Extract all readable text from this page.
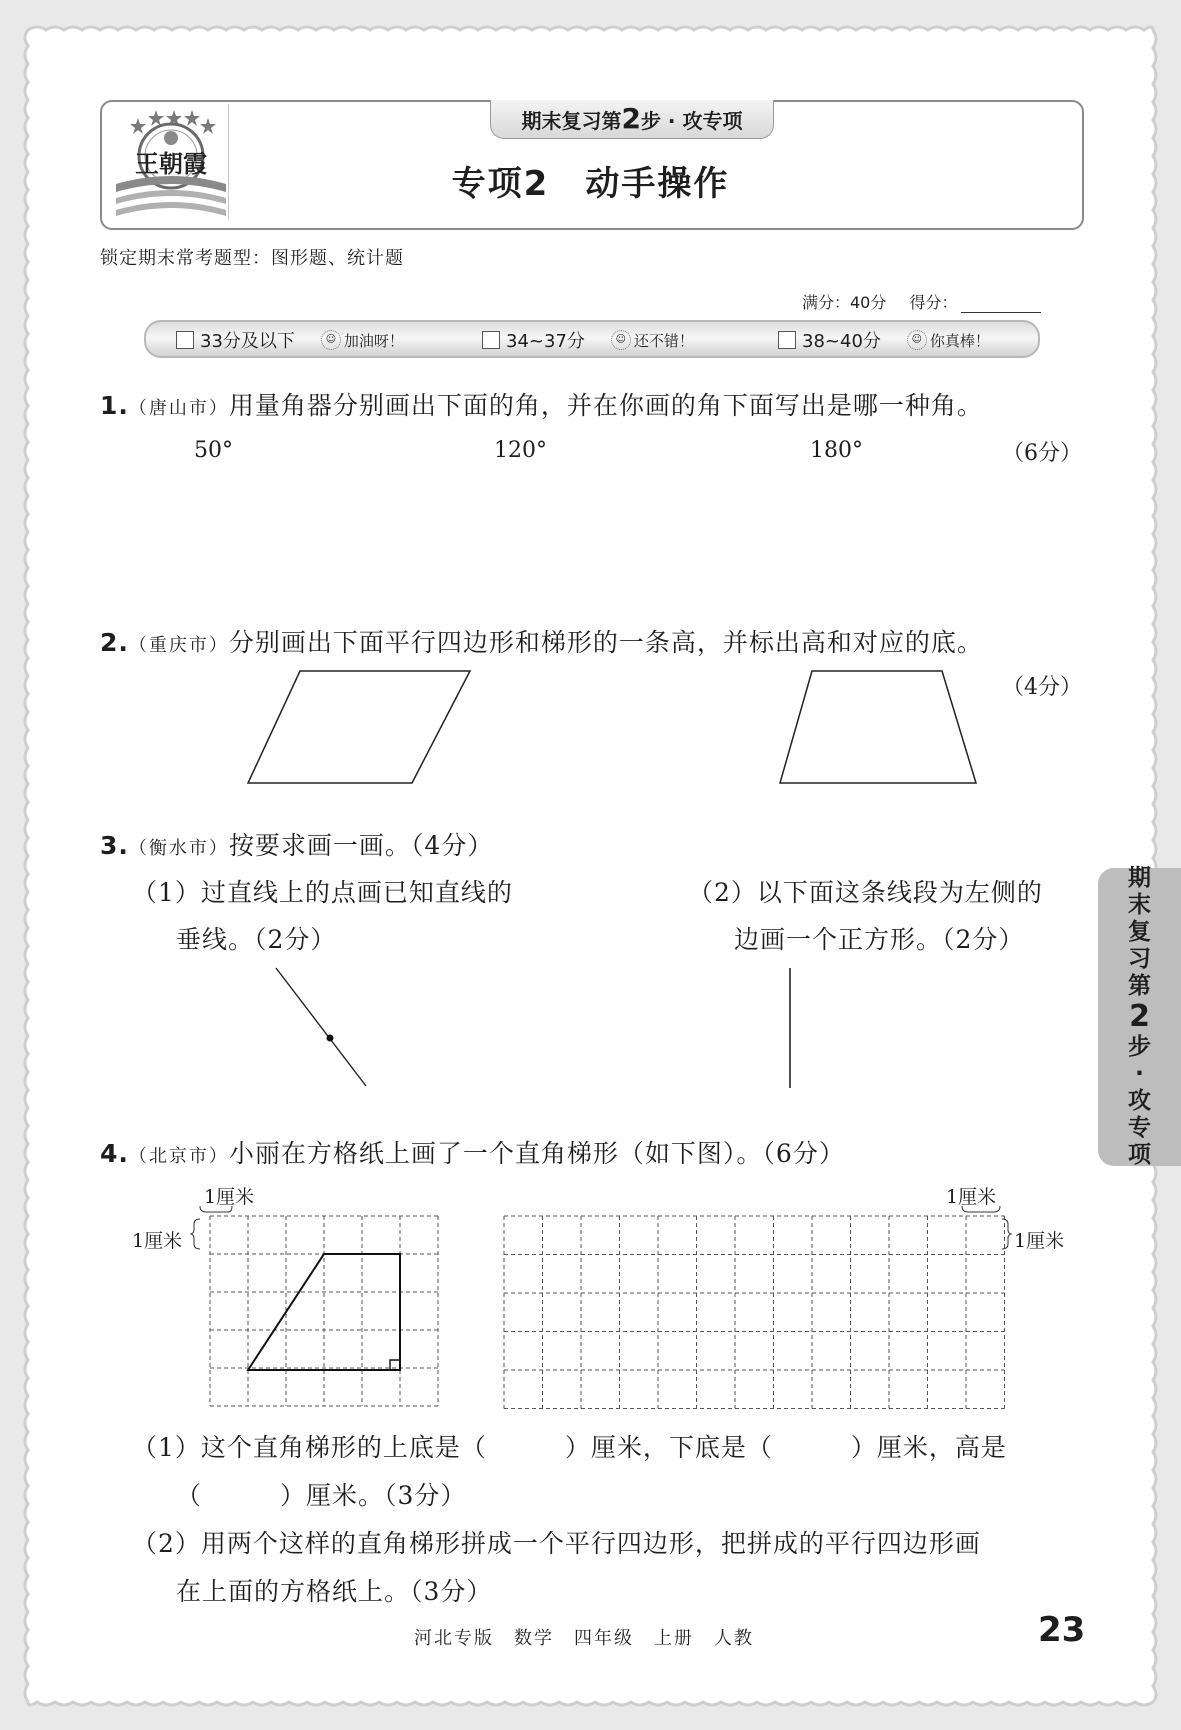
王朝霞
期末复习第2步 · 攻专项
专项2　动手操作
锁定期末常考题型：图形题、统计题
满分：40分 得分：
33分及以下	☺ 加油呀！	34~37分	☺ 还不错！	38~40分	☺ 你真棒！
1.（唐山市）用量角器分别画出下面的角，并在你画的角下面写出是哪一种角。
50°	120°	180°	（6分）
2.（重庆市）分别画出下面平行四边形和梯形的一条高，并标出高和对应的底。
（4分）
3.（衡水市）按要求画一画。（4分）
（1）过直线上的点画已知直线的
垂线。（2分）
（2）以下面这条线段为左侧的
边画一个正方形。（2分）
期
末
复
习
第
2
步
·
攻
专
项
4.（北京市）小丽在方格纸上画了一个直角梯形（如下图）。（6分）
1厘米
1厘米
1厘米
1厘米
（1）这个直角梯形的上底是（　　　）厘米，下底是（　　　）厘米，高是
（　　　）厘米。（3分）
（2）用两个这样的直角梯形拼成一个平行四边形，把拼成的平行四边形画
在上面的方格纸上。（3分）
河北专版　数学　四年级　上册　人教	23
